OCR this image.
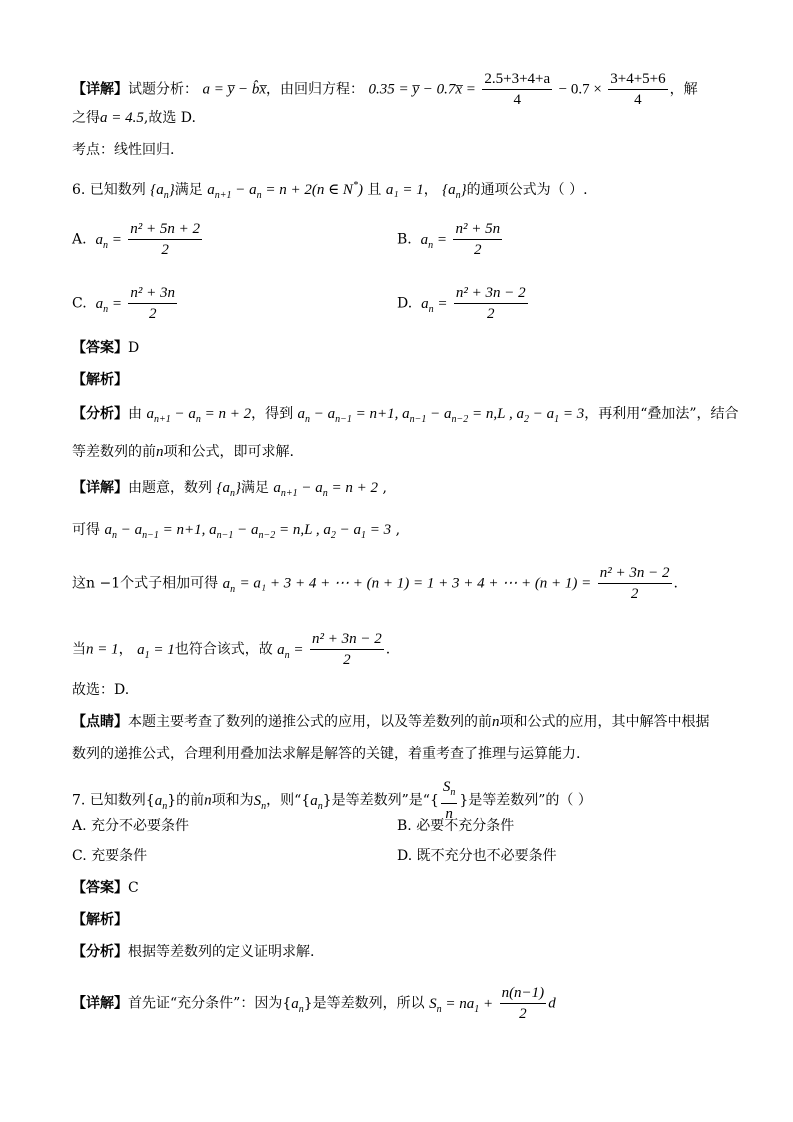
【详解】试题分析： a = y̅ − b̂x̅，由回归方程： 0.35 = y̅ − 0.7x̅ = $\frac{2.5+3+4+a}{4} - 0.7 \times \frac{3+4+5+6}{4}$ ，解
之得a = 4.5,故选 D.
考点：线性回归.
6. 已知数列 $\{a_n\}$满足 $a_{n+1} - a_n = n + 2(n$ ∈ N*) 且 a₁ = 1， $\{a_n\}$的通项公式为（ ）.
A. $a_n = \frac{\text{n² + 5n + 2}}{2}$	B. $a_n = \frac{\text{n² + 5n}}{2}$
C. $a_n = \frac{\text{n² + 3n}}{2}$	D. $a_n = \frac{\text{n² + 3n − 2}}{2}$
【答案】D
【解析】
【分析】由 $a_{n+1} - a_n = n + 2$，得到 $a_n - a_{n-1} = n+1$, $a_{n-1} - a_{n-2} = n,L$ , $a_2 - a_1 = 3$，再利用“叠加法”，结合
等差数列的前n项和公式，即可求解.
【详解】由题意，数列 $\{a_n\}$满足 $a_{n+1} - a_n = n + 2$ ,
可得 $a_n - a_{n-1} = n+1$, $a_{n-1} - a_{n-2} = n,L$ , $a_2 - a_1 = 3$ ,
这n −1个式子相加可得 $a_n = a_1 + 3 + 4$ + ⋯ + (n + 1) = 1 + 3 + 4 + ⋯ + $(n + 1) = \frac{\text{n² + 3n − 2}}{2}$ .
当n = 1， $a_1 = 1$也符合该式，故 $a_n = \frac{\text{n² + 3n − 2}}{2}$ .
故选：D.
【点睛】本题主要考查了数列的递推公式的应用，以及等差数列的前n项和公式的应用，其中解答中根据
数列的递推公式，合理利用叠加法求解是解答的关键，着重考查了推理与运算能力.
7. 已知数列$\{a_n\}$的前n项和为$S_n$，则“$\{a_n\}$是等差数列”是“{ $\frac{S_n}{n}$ }是等差数列”的（ ）
A. 充分不必要条件	B. 必要不充分条件
C. 充要条件	D. 既不充分也不必要条件
【答案】C
【解析】
【分析】根据等差数列的定义证明求解.
【详解】首先证“充分条件”：因为$\{a_n\}$是等差数列，所以 $S_n = na_1 + \frac{n(n-1)}{2}$ d
